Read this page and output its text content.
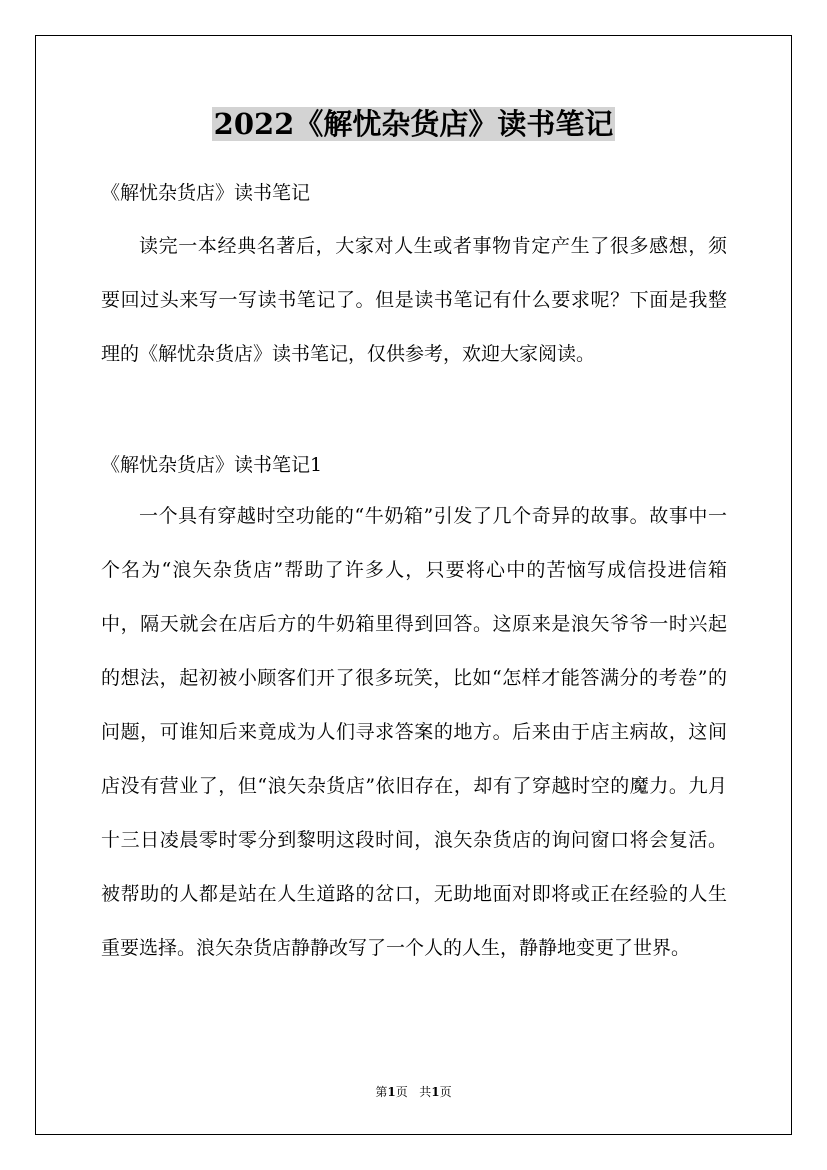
2022《解忧杂货店》读书笔记
《解忧杂货店》读书笔记

读完一本经典名著后，大家对人生或者事物肯定产生了很多感想，须要回过头来写一写读书笔记了。但是读书笔记有什么要求呢？下面是我整理的《解忧杂货店》读书笔记，仅供参考，欢迎大家阅读。

《解忧杂货店》读书笔记1

一个具有穿越时空功能的“牛奶箱”引发了几个奇异的故事。故事中一个名为“浪矢杂货店”帮助了许多人，只要将心中的苦恼写成信投进信箱中，隔天就会在店后方的牛奶箱里得到回答。这原来是浪矢爷爷一时兴起的想法，起初被小顾客们开了很多玩笑，比如“怎样才能答满分的考卷”的问题，可谁知后来竟成为人们寻求答案的地方。后来由于店主病故，这间店没有营业了，但“浪矢杂货店”依旧存在，却有了穿越时空的魔力。九月十三日凌晨零时零分到黎明这段时间，浪矢杂货店的询问窗口将会复活。被帮助的人都是站在人生道路的岔口，无助地面对即将或正在经验的人生重要选择。浪矢杂货店静静改写了一个人的人生，静静地变更了世界。

第1页   共1页
